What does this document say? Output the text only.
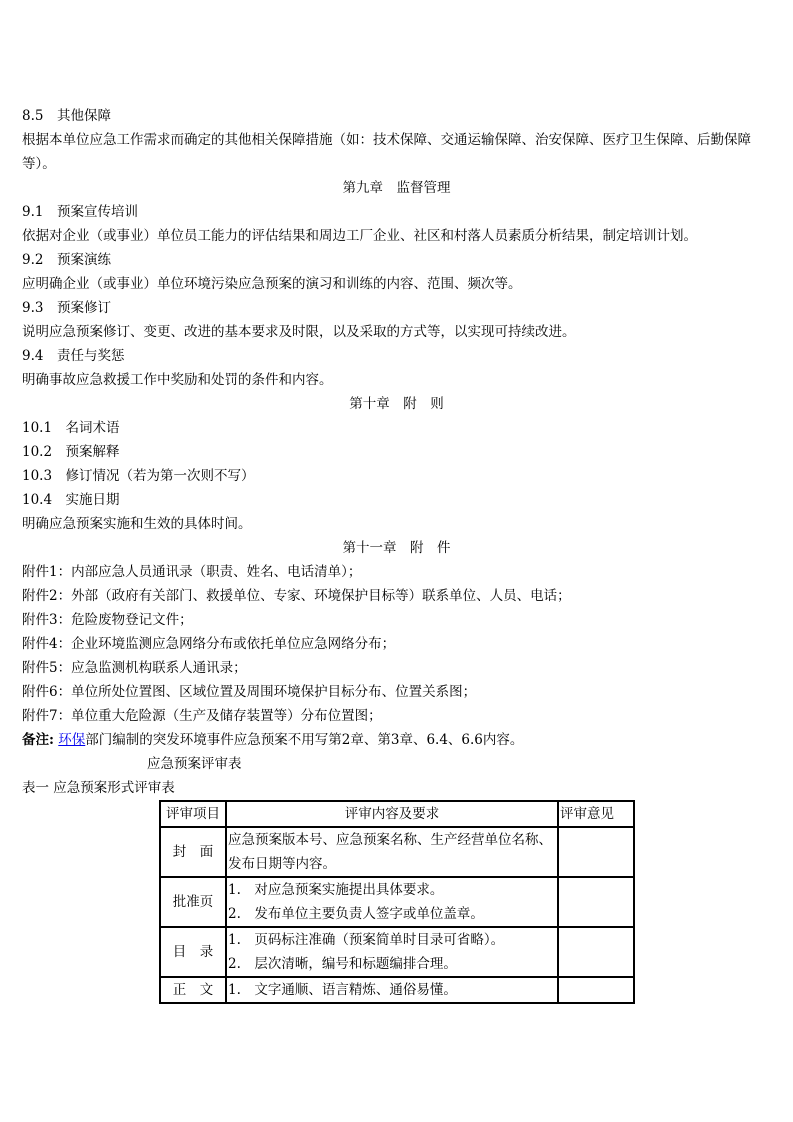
8.5　其他保障
根据本单位应急工作需求而确定的其他相关保障措施（如：技术保障、交通运输保障、治安保障、医疗卫生保障、后勤保障等）。
第九章　监督管理
9.1　预案宣传培训
依据对企业（或事业）单位员工能力的评估结果和周边工厂企业、社区和村落人员素质分析结果，制定培训计划。
9.2　预案演练
应明确企业（或事业）单位环境污染应急预案的演习和训练的内容、范围、频次等。
9.3　预案修订
说明应急预案修订、变更、改进的基本要求及时限，以及采取的方式等，以实现可持续改进。
9.4　责任与奖惩
明确事故应急救援工作中奖励和处罚的条件和内容。
第十章　附　则
10.1　名词术语
10.2　预案解释
10.3　修订情况（若为第一次则不写）
10.4　实施日期
明确应急预案实施和生效的具体时间。
第十一章　附　件
附件1：内部应急人员通讯录（职责、姓名、电话清单）；
附件2：外部（政府有关部门、救援单位、专家、环境保护目标等）联系单位、人员、电话；
附件3：危险废物登记文件；
附件4：企业环境监测应急网络分布或依托单位应急网络分布；
附件5：应急监测机构联系人通讯录；
附件6：单位所处位置图、区域位置及周围环境保护目标分布、位置关系图；
附件7：单位重大危险源（生产及储存装置等）分布位置图；
备注: 环保部门编制的突发环境事件应急预案不用写第2章、第3章、6.4、6.6内容。
应急预案评审表
表一 应急预案形式评审表
评审项目	评审内容及要求	评审意见
封　面	应急预案版本号、应急预案名称、生产经营单位名称、发布日期等内容。	
批准页	1.　对应急预案实施提出具体要求。
2.　发布单位主要负责人签字或单位盖章。	

目　录	1.　页码标注准确（预案简单时目录可省略）。
2.　层次清晰，编号和标题编排合理。	

正　文	1.　文字通顺、语言精炼、通俗易懂。	
